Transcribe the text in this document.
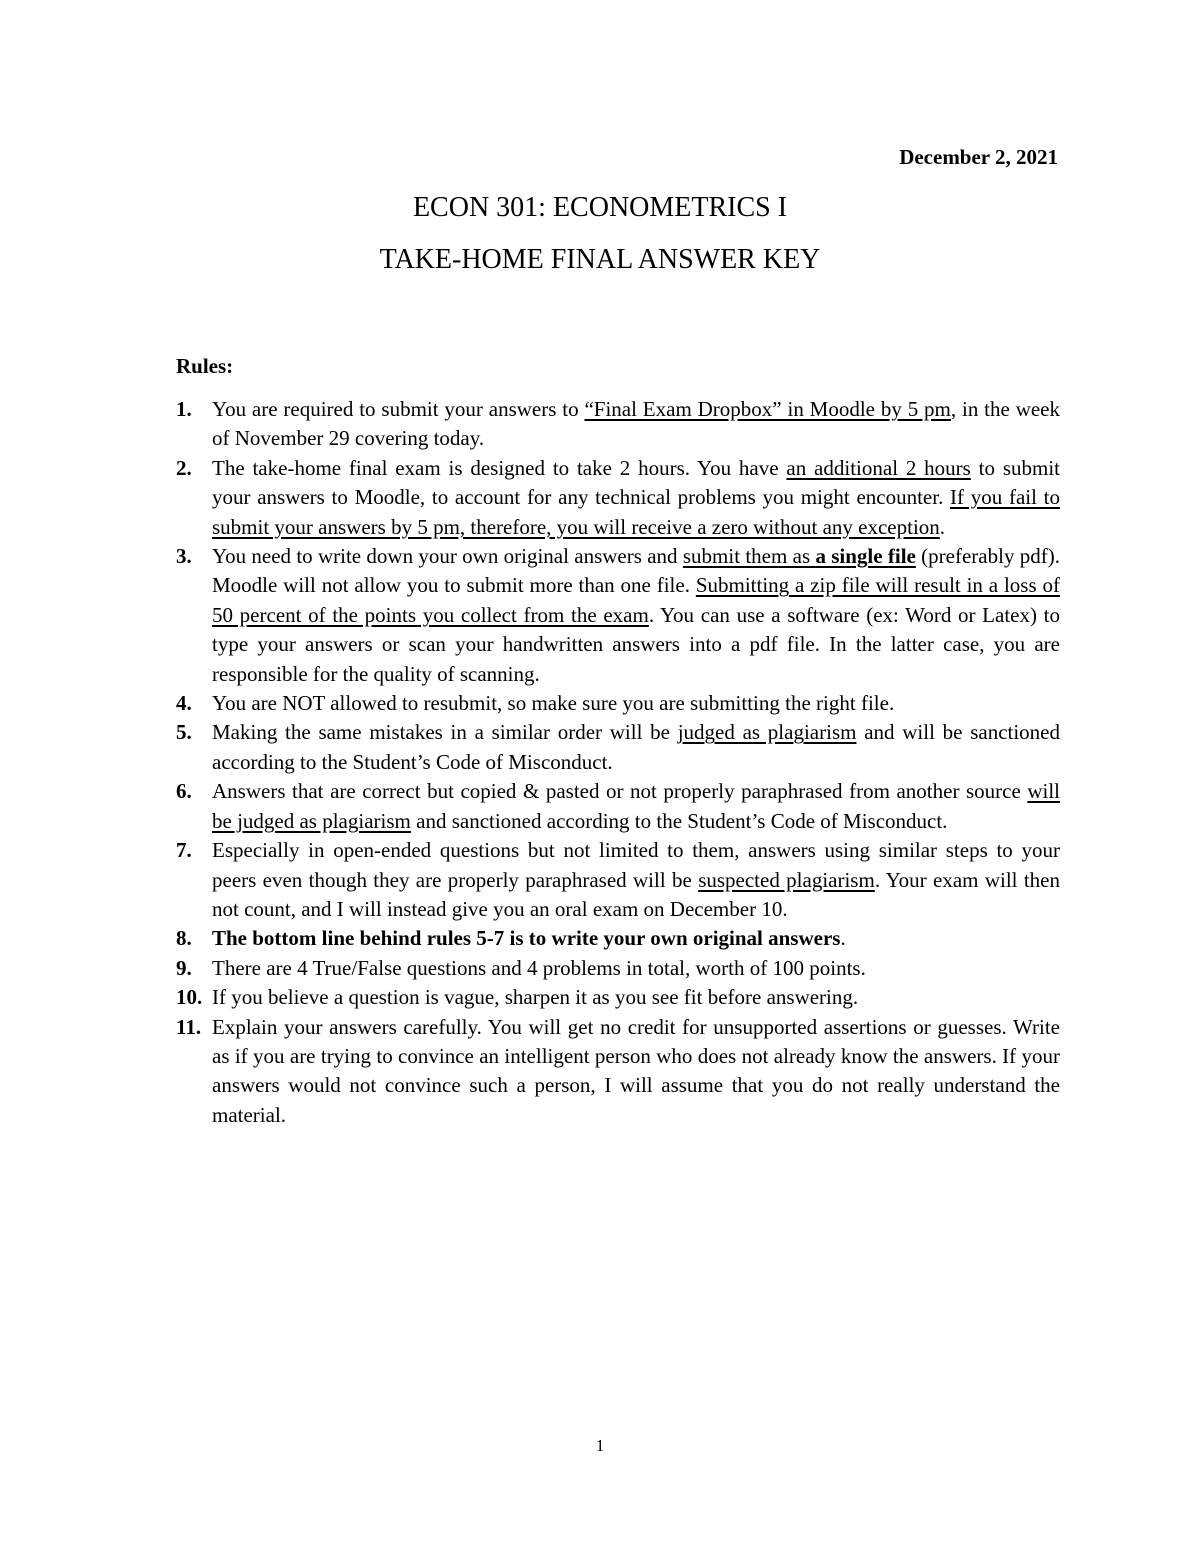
December 2, 2021
ECON 301: ECONOMETRICS I
TAKE-HOME FINAL ANSWER KEY
Rules:
1. You are required to submit your answers to “Final Exam Dropbox” in Moodle by 5 pm, in the week of November 29 covering today.
2. The take-home final exam is designed to take 2 hours. You have an additional 2 hours to submit your answers to Moodle, to account for any technical problems you might encounter. If you fail to submit your answers by 5 pm, therefore, you will receive a zero without any exception.
3. You need to write down your own original answers and submit them as a single file (preferably pdf). Moodle will not allow you to submit more than one file. Submitting a zip file will result in a loss of 50 percent of the points you collect from the exam. You can use a software (ex: Word or Latex) to type your answers or scan your handwritten answers into a pdf file. In the latter case, you are responsible for the quality of scanning.
4. You are NOT allowed to resubmit, so make sure you are submitting the right file.
5. Making the same mistakes in a similar order will be judged as plagiarism and will be sanctioned according to the Student’s Code of Misconduct.
6. Answers that are correct but copied & pasted or not properly paraphrased from another source will be judged as plagiarism and sanctioned according to the Student’s Code of Misconduct.
7. Especially in open-ended questions but not limited to them, answers using similar steps to your peers even though they are properly paraphrased will be suspected plagiarism. Your exam will then not count, and I will instead give you an oral exam on December 10.
8. The bottom line behind rules 5-7 is to write your own original answers.
9. There are 4 True/False questions and 4 problems in total, worth of 100 points.
10. If you believe a question is vague, sharpen it as you see fit before answering.
11. Explain your answers carefully. You will get no credit for unsupported assertions or guesses. Write as if you are trying to convince an intelligent person who does not already know the answers. If your answers would not convince such a person, I will assume that you do not really understand the material.
1
